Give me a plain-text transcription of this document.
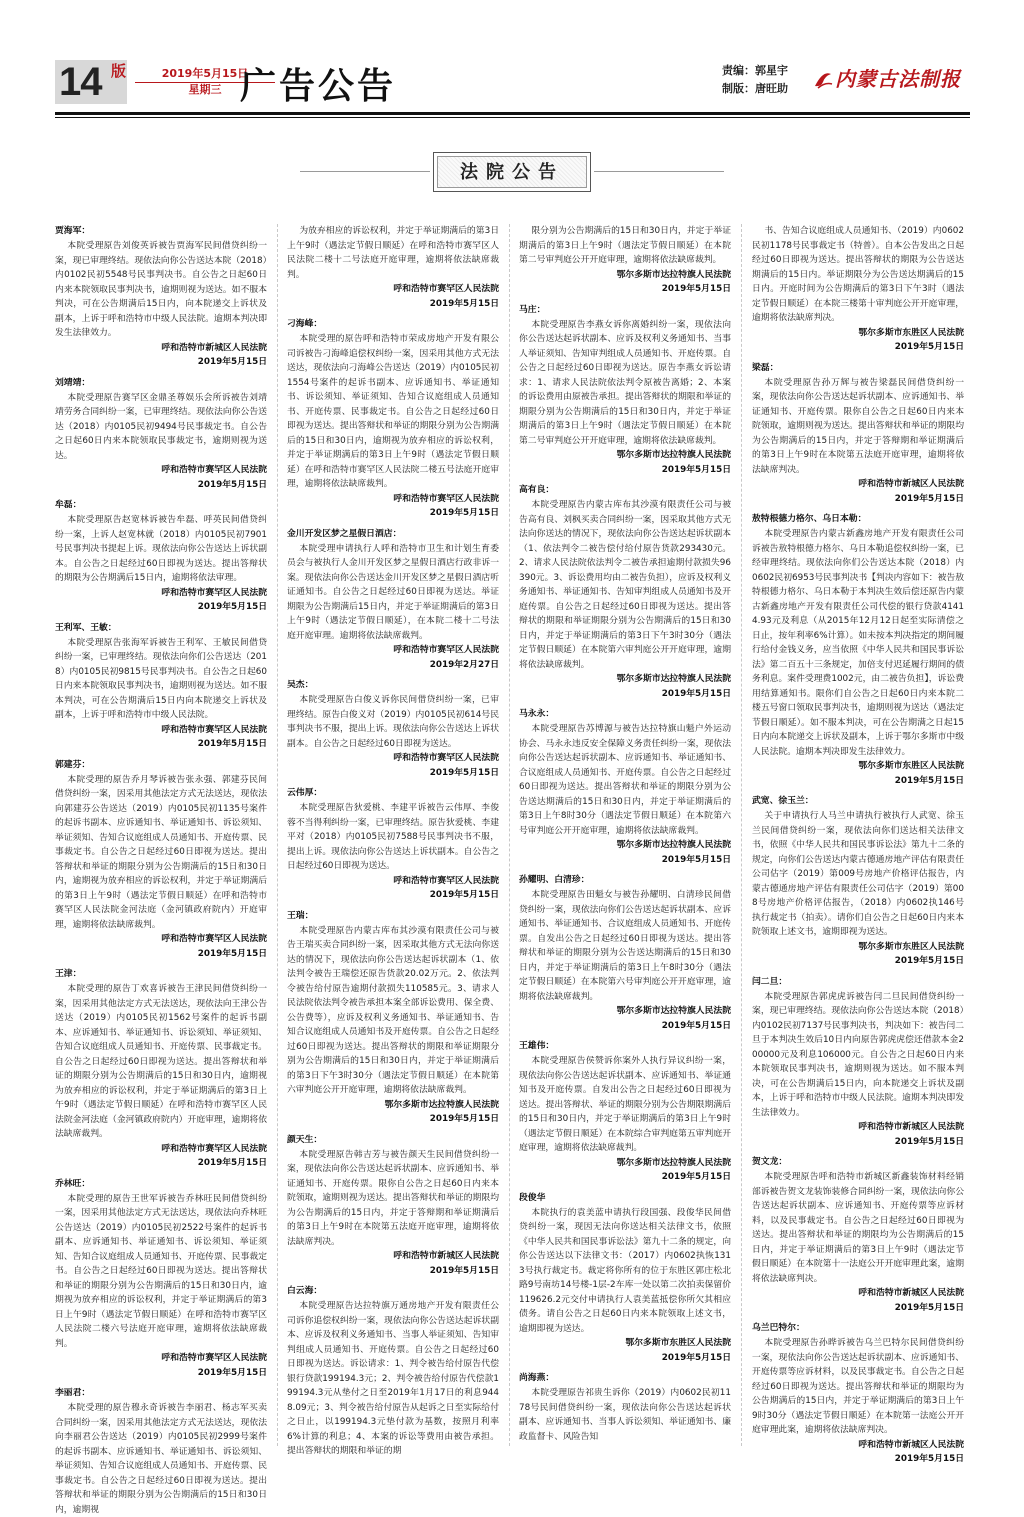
14 版	2019年5月15日
星期三 广告公告	责编：郭星宇
制版：唐旺助	内蒙古法制报
法院公告
贾海军：
本院受理原告刘俊英诉被告贾海军民间借贷纠纷一案，现已审理终结。现依法向你公告送达本院（2018）内0102民初5548号民事判决书。自公告之日起60日内来本院领取民事判决书，逾期则视为送达。如不服本判决，可在公告期满后15日内，向本院递交上诉状及副本，上诉于呼和浩特市中级人民法院。逾期本判决即发生法律效力。
呼和浩特市新城区人民法院
2019年5月15日
刘靖靖：
本院受理原告赛罕区金鼎圣尊娱乐会所诉被告刘靖靖劳务合同纠纷一案，已审理终结。现依法向你公告送达（2018）内0105民初9494号民事裁定书。自公告之日起60日内来本院领取民事裁定书，逾期则视为送达。
呼和浩特市赛罕区人民法院
2019年5月15日
牟磊：
本院受理原告赵宽林诉被告牟磊、呼英民间借贷纠纷一案，上诉人赵宽林就（2018）内0105民初7901号民事判决书提起上诉。现依法向你公告送达上诉状副本。自公告之日起经过60日即视为送达。提出答辩状的期限为公告期满后15日内，逾期将依法审理。
呼和浩特市赛罕区人民法院
2019年5月15日
王利军、王敏：
本院受理原告张海军诉被告王利军、王敏民间借贷纠纷一案，已审理终结。现依法向你们公告送达（2018）内0105民初9815号民事判决书。自公告之日起60日内来本院领取民事判决书，逾期则视为送达。如不服本判决，可在公告期满后15日内向本院递交上诉状及副本，上诉于呼和浩特市中级人民法院。
呼和浩特市赛罕区人民法院
2019年5月15日
郭建芬：
本院受理的原告乔月琴诉被告张永强、郭建芬民间借贷纠纷一案，因采用其他法定方式无法送达，现依法向郭建芬公告送达（2019）内0105民初1135号案件的起诉书副本、应诉通知书、举证通知书、诉讼须知、举证须知、告知合议庭组成人员通知书、开庭传票、民事裁定书。自公告之日起经过60日即视为送达。提出答辩状和举证的期限分别为公告期满后的15日和30日内，逾期视为放弃相应的诉讼权利，并定于举证期满后的第3日上午9时（遇法定节假日顺延）在呼和浩特市赛罕区人民法院金河法庭（金河镇政府院内）开庭审理，逾期将依法缺席裁判。
呼和浩特市赛罕区人民法院
2019年5月15日
王津：
本院受理的原告丁欢喜诉被告王津民间借贷纠纷一案，因采用其他法定方式无法送达，现依法向王津公告送达（2019）内0105民初1562号案件的起诉书副本、应诉通知书、举证通知书、诉讼须知、举证须知、告知合议庭组成人员通知书、开庭传票、民事裁定书。自公告之日起经过60日即视为送达。提出答辩状和举证的期限分别为公告期满后的15日和30日内，逾期视为放弃相应的诉讼权利，并定于举证期满后的第3日上午9时（遇法定节假日顺延）在呼和浩特市赛罕区人民法院金河法庭（金河镇政府院内）开庭审理，逾期将依法缺席裁判。
呼和浩特市赛罕区人民法院
2019年5月15日
乔林旺：
本院受理的原告王世军诉被告乔林旺民间借贷纠纷一案，因采用其他法定方式无法送达，现依法向乔林旺公告送达（2019）内0105民初2522号案件的起诉书副本、应诉通知书、举证通知书、诉讼须知、举证须知、告知合议庭组成人员通知书、开庭传票、民事裁定书。自公告之日起经过60日即视为送达。提出答辩状和举证的期限分别为公告期满后的15日和30日内，逾期视为放弃相应的诉讼权利，并定于举证期满后的第3日上午9时（遇法定节假日顺延）在呼和浩特市赛罕区人民法院二楼六号法庭开庭审理，逾期将依法缺席裁判。
呼和浩特市赛罕区人民法院
2019年5月15日
李丽君：
本院受理的原告穆永奇诉被告李丽君、杨志军买卖合同纠纷一案，因采用其他法定方式无法送达，现依法向李丽君公告送达（2019）内0105民初2999号案件的起诉书副本、应诉通知书、举证通知书、诉讼须知、举证须知、告知合议庭组成人员通知书、开庭传票、民事裁定书。自公告之日起经过60日即视为送达。提出答辩状和举证的期限分别为公告期满后的15日和30日内，逾期视
为放弃相应的诉讼权利，并定于举证期满后的第3日上午9时（遇法定节假日顺延）在呼和浩特市赛罕区人民法院二楼十二号法庭开庭审理，逾期将依法缺席裁判。
呼和浩特市赛罕区人民法院
2019年5月15日
刁海峰：
本院受理的原告呼和浩特市荣成房地产开发有限公司诉被告刁海峰追偿权纠纷一案，因采用其他方式无法送达，现依法向刁海峰公告送达（2019）内0105民初1554号案件的起诉书副本、应诉通知书、举证通知书、诉讼须知、举证须知、告知合议庭组成人员通知书、开庭传票、民事裁定书。自公告之日起经过60日即视为送达。提出答辩状和举证的期限分别为公告期满后的15日和30日内，逾期视为放弃相应的诉讼权利，并定于举证期满后的第3日上午9时（遇法定节假日顺延）在呼和浩特市赛罕区人民法院二楼五号法庭开庭审理，逾期将依法缺席裁判。
呼和浩特市赛罕区人民法院
2019年5月15日
金川开发区梦之星假日酒店：
本院受理申请执行人呼和浩特市卫生和计划生育委员会与被执行人金川开发区梦之星假日酒店行政非诉一案。现依法向你公告送达金川开发区梦之星假日酒店听证通知书。自公告之日起经过60日即视为送达。举证期限为公告期满后15日内，并定于举证期满后的第3日上午9时（遇法定节假日顺延），在本院二楼十二号法庭开庭审理。逾期将依法缺席裁判。
呼和浩特市赛罕区人民法院
2019年2月27日
吴杰：
本院受理原告白俊义诉你民间借贷纠纷一案，已审理终结。原告白俊义对（2019）内0105民初614号民事判决书不服，提出上诉。现依法向你公告送达上诉状副本。自公告之日起经过60日即视为送达。
呼和浩特市赛罕区人民法院
2019年5月15日
云伟厚：
本院受理原告狄爱桃、李建平诉被告云伟厚、李俊蓉不当得利纠纷一案，已审理终结。原告狄爱桃、李建平对（2018）内0105民初7588号民事判决书不服，提出上诉。现依法向你公告送达上诉状副本。自公告之日起经过60日即视为送达。
呼和浩特市赛罕区人民法院
2019年5月15日
王瑞：
本院受理原告内蒙古库布其沙漠有限责任公司与被告王瑞买卖合同纠纷一案，因采取其他方式无法向你送达的情况下，现依法向你公告送达起诉状副本（1、依法判令被告王瑞偿还原告货款20.02万元。2、依法判令被告给付原告逾期付款损失110585元。3、请求人民法院依法判令被告承担本案全部诉讼费用、保全费、公告费等），应诉及权利义务通知书、举证通知书、告知合议庭组成人员通知书及开庭传票。自公告之日起经过60日即视为送达。提出答辩状的期限和举证期限分别为公告期满后的15日和30日内，并定于举证期满后的第3日下午3时30分（遇法定节假日顺延）在本院第六审判庭公开开庭审理，逾期将依法缺席裁判。
鄂尔多斯市达拉特旗人民法院
2019年5月15日
颜天生：
本院受理原告韩吉芳与被告颜天生民间借贷纠纷一案，现依法向你公告送达起诉状副本、应诉通知书、举证通知书、开庭传票。限你自公告之日起60日内来本院领取，逾期则视为送达。提出答辩状和举证的期限均为公告期满后的15日内，并定于答辩期和举证期满后的第3日上午9时在本院第五法庭开庭审理，逾期将依法缺席判决。
呼和浩特市新城区人民法院
2019年5月15日
白云海：
本院受理原告达拉特旗万通房地产开发有限责任公司诉你追偿权纠纷一案，现依法向你公告送达起诉状副本、应诉及权利义务通知书、当事人举证须知、告知审判组成人员通知书、开庭传票。自公告之日起经过60日即视为送达。诉讼请求：1、判令被告给付原告代偿银行贷款199194.3元；2、判令被告给付原告代偿款199194.3元从垫付之日至2019年1月17日的利息9448.09元；3、判令被告给付原告从起诉之日至实际给付之日止，以199194.3元垫付款为基数，按照月利率6%计算的利息；4、本案的诉讼等费用由被告承担。提出答辩状的期限和举证的期
限分别为公告期满后的15日和30日内，并定于举证期满后的第3日上午9时（遇法定节假日顺延）在本院第二号审判庭公开开庭审理，逾期将依法缺席裁判。
鄂尔多斯市达拉特旗人民法院
2019年5月15日
马庄：
本院受理原告李燕女诉你离婚纠纷一案，现依法向你公告送达起诉状副本、应诉及权利义务通知书、当事人举证须知、告知审判组成人员通知书、开庭传票。自公告之日起经过60日即视为送达。原告李燕女诉讼请求：1、请求人民法院依法判令原被告离婚；2、本案的诉讼费用由原被告承担。提出答辩状的期限和举证的期限分别为公告期满后的15日和30日内，并定于举证期满后的第3日上午9时（遇法定节假日顺延）在本院第二号审判庭公开开庭审理，逾期将依法缺席裁判。
鄂尔多斯市达拉特旗人民法院
2019年5月15日
高有良：
本院受理原告内蒙古库布其沙漠有限责任公司与被告高有良、刘枫买卖合同纠纷一案，因采取其他方式无法向你送达的情况下，现依法向你公告送达起诉状副本（1、依法判令二被告偿付给付原告货款293430元。2、请求人民法院依法判令二被告承担逾期付款损失96390元。3、诉讼费用均由二被告负担），应诉及权利义务通知书、举证通知书、告知审判组成人员通知书及开庭传票。自公告之日起经过60日即视为送达。提出答辩状的期限和举证期限分别为公告期满后的15日和30日内，并定于举证期满后的第3日下午3时30分（遇法定节假日顺延）在本院第六审判庭公开开庭审理，逾期将依法缺席裁判。
鄂尔多斯市达拉特旗人民法院
2019年5月15日
马永永：
本院受理原告苏博源与被告达拉特旗山魁户外运动协会、马永永违反安全保障义务责任纠纷一案，现依法向你公告送达起诉状副本、应诉通知书、举证通知书、合议庭组成人员通知书、开庭传票。自公告之日起经过60日即视为送达。提出答辩状和举证的期限分别为公告送达期满后的15日和30日内，并定于举证期满后的第3日上午8时30分（遇法定节假日顺延）在本院第六号审判庭公开开庭审理，逾期将依法缺席裁判。
鄂尔多斯市达拉特旗人民法院
2019年5月15日
孙耀明、白清珍：
本院受理原告田魁女与被告孙耀明、白清珍民间借贷纠纷一案，现依法向你们公告送达起诉状副本、应诉通知书、举证通知书、合议庭组成人员通知书、开庭传票。自发出公告之日起经过60日即视为送达。提出答辩状和举证的期限分别为公告送达期满后的15日和30日内，并定于举证期满后的第3日上午8时30分（遇法定节假日顺延）在本院第六号审判庭公开开庭审理，逾期将依法缺席裁判。
鄂尔多斯市达拉特旗人民法院
2019年5月15日
王雄伟：
本院受理原告侯赞诉你案外人执行异议纠纷一案，现依法向你公告送达起诉状副本、应诉通知书、举证通知书及开庭传票。自发出公告之日起经过60日即视为送达。提出答辩状、举证的期限分别为公告期限期满后的15日和30日内，并定于举证期满后的第3日上午9时（遇法定节假日顺延）在本院综合审判庭第五审判庭开庭审理，逾期将依法缺席裁判。
鄂尔多斯市达拉特旗人民法院
2019年5月15日
段俊华
本院执行的袁美蓝申请执行段国强、段俊华民间借贷纠纷一案，现因无法向你送达相关法律文书，依照《中华人民共和国民事诉讼法》第九十二条的规定，向你公告送达以下法律文书：（2017）内0602执恢1313号执行裁定书。裁定将你所有的位于东胜区郭庄松北路9号南坊14号楼-1层-2车库一处以第二次拍卖保留价119626.2元交付申请执行人袁美蓝抵偿你所欠其相应债务。请自公告之日起60日内来本院领取上述文书，逾期即视为送达。
鄂尔多斯市东胜区人民法院
2019年5月15日
尚海燕：
本院受理原告祁贵生诉你（2019）内0602民初1178号民间借贷纠纷一案，现依法向你公告送达起诉状副本、应诉通知书、当事人诉讼须知、举证通知书、廉政监督卡、风险告知
书、告知合议庭组成人员通知书、（2019）内0602民初1178号民事裁定书（特普）。自本公告发出之日起经过60日即视为送达。提出答辩状的期限为公告送达期满后的15日内。举证期限分为公告送达期满后的15日内。开庭时间为公告期满后的第3日下午3时（遇法定节假日顺延）在本院三楼第十审判庭公开开庭审理，逾期将依法缺席判决。
鄂尔多斯市东胜区人民法院
2019年5月15日
梁磊：
本院受理原告孙万辉与被告梁磊民间借贷纠纷一案，现依法向你公告送达起诉状副本、应诉通知书、举证通知书、开庭传票。限你自公告之日起60日内来本院领取，逾期则视为送达。提出答辩状和举证的期限均为公告期满后的15日内，并定于答辩期和举证期满后的第3日上午9时在本院第五法庭开庭审理，逾期将依法缺席判决。
呼和浩特市新城区人民法院
2019年5月15日
敖特根德力格尔、乌日本勒：
本院受理原告内蒙古新鑫房地产开发有限责任公司诉被告敖特根德力格尔、乌日本勒追偿权纠纷一案，已经审理终结。现依法向你们公告送达本院（2018）内0602民初6953号民事判决书【判决内容如下：被告敖特根德力格尔、乌日本勒于本判决生效后偿还原告内蒙古新鑫房地产开发有限责任公司代偿的银行贷款41414.93元及利息（从2015年12月12日起至实际清偿之日止，按年利率6%计算）。如未按本判决指定的期间履行给付金钱义务，应当依照《中华人民共和国民事诉讼法》第二百五十三条规定，加倍支付迟延履行期间的债务利息。案件受理费1002元，由二被告负担】，诉讼费用结算通知书。限你们自公告之日起60日内来本院二楼五号窗口领取民事判决书，逾期则视为送达（遇法定节假日顺延）。如不服本判决，可在公告期满之日起15日内向本院递交上诉状及副本，上诉于鄂尔多斯市中级人民法院。逾期本判决即发生法律效力。
鄂尔多斯市东胜区人民法院
2019年5月15日
武宽、徐玉兰：
关于申请执行人马兰申请执行被执行人武宽、徐玉兰民间借贷纠纷一案，现依法向你们送达相关法律文书，依照《中华人民共和国民事诉讼法》第九十二条的规定，向你们公告送达内蒙古德通房地产评估有限责任公司估字（2019）第009号房地产价格评估报告，内蒙古德通房地产评估有限责任公司估字（2019）第008号房地产价格评估报告，（2018）内0602执146号执行裁定书（拍卖）。请你们自公告之日起60日内来本院领取上述文书，逾期即视为送达。
鄂尔多斯市东胜区人民法院
2019年5月15日
闫二旦：
本院受理原告郭虎虎诉被告闫二旦民间借贷纠纷一案，现已审理终结。现依法向你公告送达本院（2018）内0102民初7137号民事判决书，判决如下：被告闫二旦于本判决生效后10日内向原告郭虎虎偿还借款本金200000元及利息106000元。自公告之日起60日内来本院领取民事判决书，逾期则视为送达。如不服本判决，可在公告期满后15日内，向本院递交上诉状及副本，上诉于呼和浩特市中级人民法院。逾期本判决即发生法律效力。
呼和浩特市新城区人民法院
2019年5月15日
贺文龙：
本院受理原告呼和浩特市新城区新鑫装饰材料经销部诉被告贺文龙装饰装修合同纠纷一案，现依法向你公告送达起诉状副本、应诉通知书、开庭传票等应诉材料，以及民事裁定书。自公告之日起经过60日即视为送达。提出答辩状和举证的期限均为公告期满后的15日内，并定于举证期满后的第3日上午9时（遇法定节假日顺延）在本院第十一法庭公开开庭审理此案，逾期将依法缺席判决。
呼和浩特市新城区人民法院
2019年5月15日
乌兰巴特尔：
本院受理原告孙晔诉被告乌兰巴特尔民间借贷纠纷一案，现依法向你公告送达起诉状副本、应诉通知书、开庭传票等应诉材料，以及民事裁定书。自公告之日起经过60日即视为送达。提出答辩状和举证的期限均为公告期满后的15日内，并定于举证期满后的第3日上午9时30分（遇法定节假日顺延）在本院第一法庭公开开庭审理此案，逾期将依法缺席判决。
呼和浩特市新城区人民法院
2019年5月15日
